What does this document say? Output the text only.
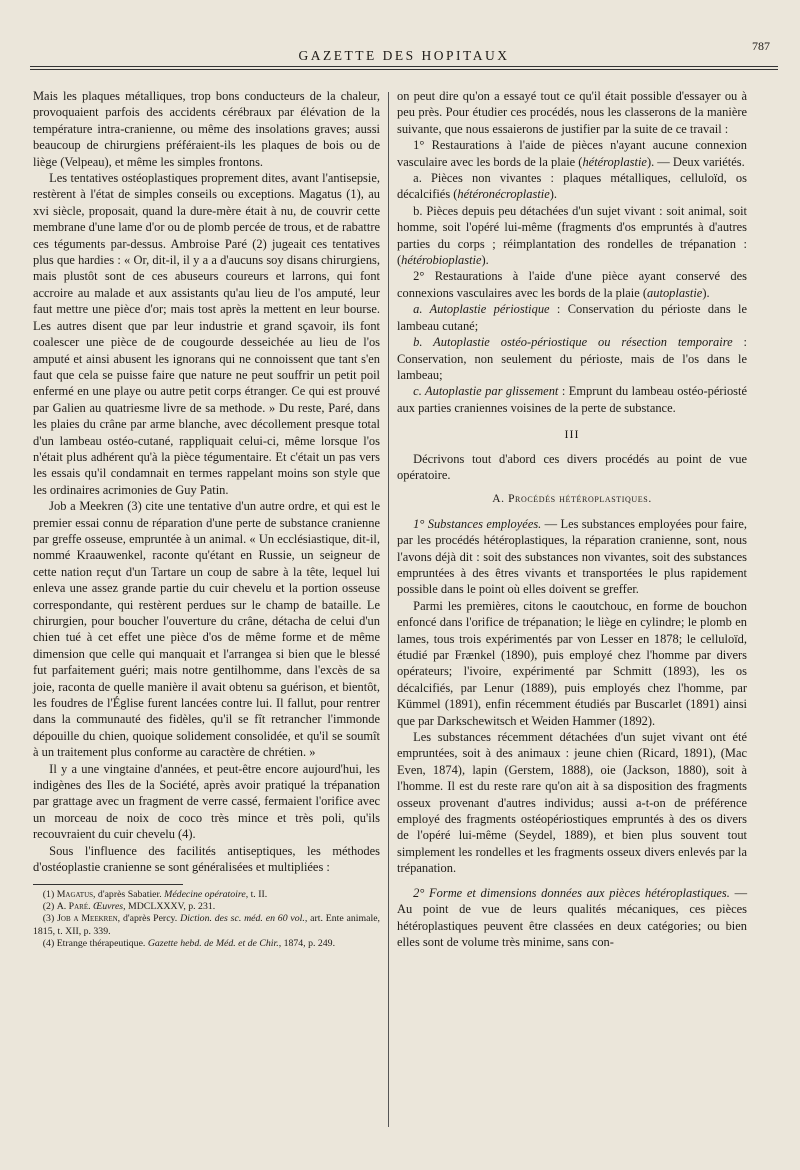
GAZETTE DES HOPITAUX
787

Mais les plaques métalliques, trop bons conducteurs de la chaleur, provoquaient parfois des accidents cérébraux par élévation de la température intra-cranienne, ou même des insolations graves; aussi beaucoup de chirurgiens préféraient-ils les plaques de bois ou de liège (Velpeau), et même les simples frontons.

Les tentatives ostéoplastiques proprement dites, avant l'antisepsie, restèrent à l'état de simples conseils ou exceptions. Magatus (1), au xvi siècle, proposait, quand la dure-mère était à nu, de couvrir cette membrane d'une lame d'or ou de plomb percée de trous, et de rabattre ces téguments par-dessus. Ambroise Paré (2) jugeait ces tentatives plus que hardies : « Or, dit-il, il y a a d'aucuns soy disans chirurgiens, mais plustôt sont de ces abuseurs coureurs et larrons, qui font accroire au malade et aux assistants qu'au lieu de l'os amputé, leur faut mettre une pièce d'or; mais tost après la mettent en leur bourse. Les autres disent que par leur industrie et grand sçavoir, ils font coalescer une pièce de de cougourde desseichée au lieu de l'os amputé et ainsi abusent les ignorans qui ne connoissent que tant s'en faut que cela se puisse faire que nature ne peut souffrir un petit poil enfermé en une playe ou autre petit corps étranger. Ce qui est prouvé par Galien au quatriesme livre de sa methode. » Du reste, Paré, dans les plaies du crâne par arme blanche, avec décollement presque total d'un lambeau ostéo-cutané, rappliquait celui-ci, même lorsque l'os n'était plus adhérent qu'à la pièce tégumentaire. Et c'était un pas vers les essais qu'il condamnait en termes rappelant moins son style que les ordinaires acrimonies de Guy Patin.

Job a Meekren (3) cite une tentative d'un autre ordre, et qui est le premier essai connu de réparation d'une perte de substance cranienne par greffe osseuse, empruntée à un animal. « Un ecclésiastique, dit-il, nommé Kraauwenkel, raconte qu'étant en Russie, un seigneur de cette nation reçut d'un Tartare un coup de sabre à la tête, lequel lui enleva une assez grande partie du cuir chevelu et la portion osseuse correspondante, qui restèrent perdues sur le champ de bataille. Le chirurgien, pour boucher l'ouverture du crâne, détacha de celui d'un chien tué à cet effet une pièce d'os de même forme et de même dimension que celle qui manquait et l'arrangea si bien que le blessé fut parfaitement guéri; mais notre gentilhomme, dans l'excès de sa joie, raconta de quelle manière il avait obtenu sa guérison, et bientôt, les foudres de l'Église furent lancées contre lui. Il fallut, pour rentrer dans la communauté des fidèles, qu'il se fît retrancher l'immonde dépouille du chien, quoique solidement consolidée, et qu'il se soumît à un traitement plus conforme au caractère de chrétien. »

Il y a une vingtaine d'années, et peut-être encore aujourd'hui, les indigènes des Iles de la Société, après avoir pratiqué la trépanation par grattage avec un fragment de verre cassé, fermaient l'orifice avec un morceau de noix de coco très mince et très poli, qu'ils recouvraient du cuir chevelu (4).

Sous l'influence des facilités antiseptiques, les méthodes d'ostéoplastie cranienne se sont généralisées et multipliées :

(1) Magatus, d'après Sabatier. Médecine opératoire, t. II.

(2) A. Paré. Œuvres, MDCLXXXV, p. 231.

(3) Job a Meekren, d'après Percy. Diction. des sc. méd. en 60 vol., art. Ente animale, 1815, t. XII, p. 339.

(4) Etrange thérapeutique. Gazette hebd. de Méd. et de Chir., 1874, p. 249.

on peut dire qu'on a essayé tout ce qu'il était possible d'essayer ou à peu près. Pour étudier ces procédés, nous les classerons de la manière suivante, que nous essaierons de justifier par la suite de ce travail :

1° Restaurations à l'aide de pièces n'ayant aucune connexion vasculaire avec les bords de la plaie (hétéroplastie). — Deux variétés.

a. Pièces non vivantes : plaques métalliques, celluloïd, os décalcifiés (hétéronécroplastie).

b. Pièces depuis peu détachées d'un sujet vivant : soit animal, soit homme, soit l'opéré lui-même (fragments d'os empruntés à d'autres parties du corps ; réimplantation des rondelles de trépanation : (hétérobioplastie).

2° Restaurations à l'aide d'une pièce ayant conservé des connexions vasculaires avec les bords de la plaie (autoplastie).

a. Autoplastie périostique : Conservation du périoste dans le lambeau cutané;

b. Autoplastie ostéo-périostique ou résection temporaire : Conservation, non seulement du périoste, mais de l'os dans le lambeau;

c. Autoplastie par glissement : Emprunt du lambeau ostéo-périosté aux parties craniennes voisines de la perte de substance.

III

Décrivons tout d'abord ces divers procédés au point de vue opératoire.

A. Procédés hétéroplastiques.

1° Substances employées. — Les substances employées pour faire, par les procédés hétéroplastiques, la réparation cranienne, sont, nous l'avons déjà dit : soit des substances non vivantes, soit des substances empruntées à des êtres vivants et transportées le plus rapidement possible dans le point où elles doivent se greffer.

Parmi les premières, citons le caoutchouc, en forme de bouchon enfoncé dans l'orifice de trépanation; le liège en cylindre; le plomb en lames, tous trois expérimentés par von Lesser en 1878; le celluloïd, étudié par Frænkel (1890), puis employé chez l'homme par divers opérateurs; l'ivoire, expérimenté par Schmitt (1893), les os décalcifiés, par Lenur (1889), puis employés chez l'homme, par Kümmel (1891), enfin récemment étudiés par Buscarlet (1891) ainsi que par Darkschewitsch et Weiden Hammer (1892).

Les substances récemment détachées d'un sujet vivant ont été empruntées, soit à des animaux : jeune chien (Ricard, 1891), (Mac Even, 1874), lapin (Gerstem, 1888), oie (Jackson, 1880), soit à l'homme. Il est du reste rare qu'on ait à sa disposition des fragments osseux provenant d'autres individus; aussi a-t-on de préférence employé des fragments ostéopériostiques empruntés à des os divers de l'opéré lui-même (Seydel, 1889), et bien plus souvent tout simplement les rondelles et les fragments osseux divers enlevés par la trépanation.

2° Forme et dimensions données aux pièces hétéroplastiques. — Au point de vue de leurs qualités mécaniques, ces pièces hétéroplastiques peuvent être classées en deux catégories; ou bien elles sont de volume très minime, sans con-
